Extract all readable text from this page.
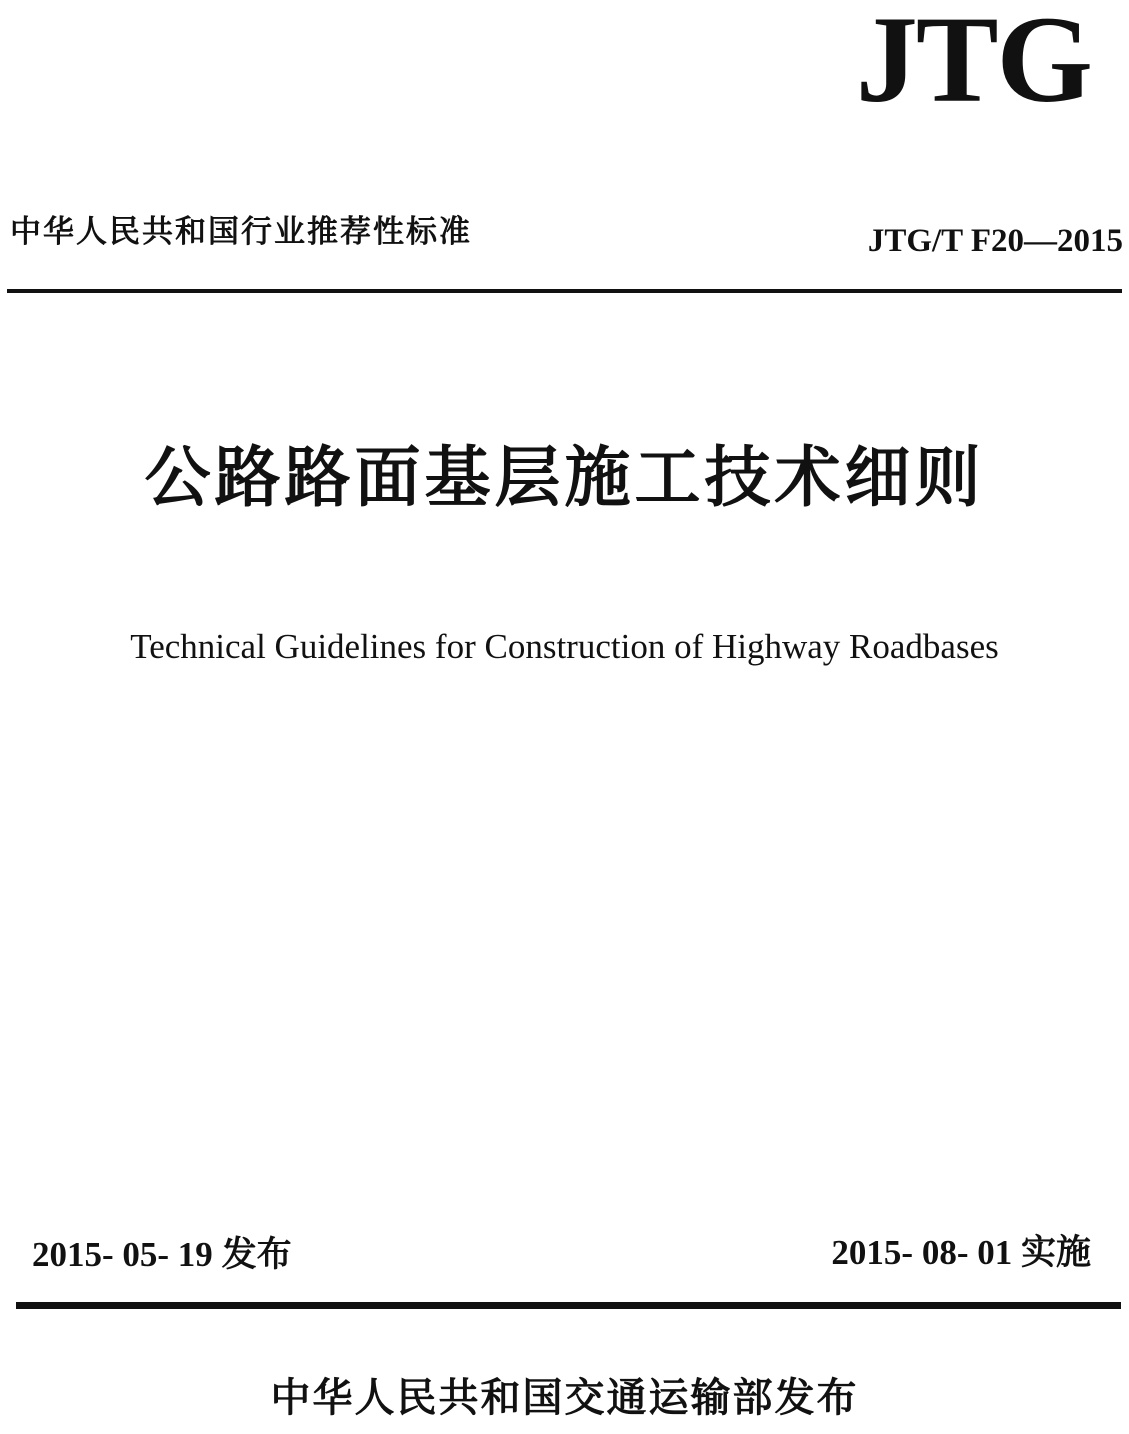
JTG
中华人民共和国行业推荐性标准	JTG/T F20—2015
公路路面基层施工技术细则
Technical Guidelines for Construction of Highway Roadbases
2015- 05- 19 发布	2015- 08- 01 实施
中华人民共和国交通运输部发布
